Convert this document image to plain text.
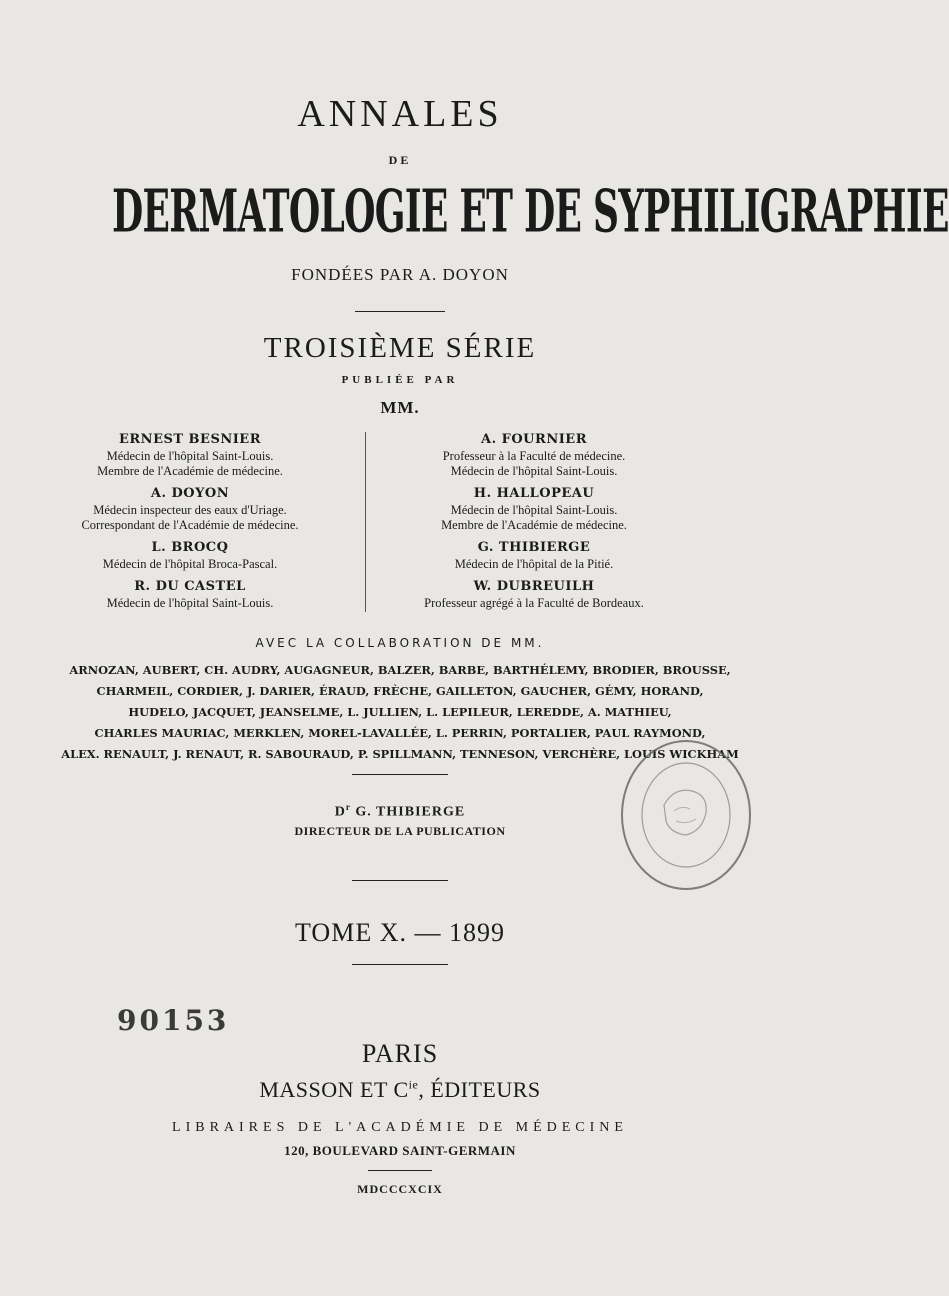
ANNALES
DE
DERMATOLOGIE ET DE SYPHILIGRAPHIE
FONDÉES PAR A. DOYON
TROISIÈME SÉRIE
PUBLIÉE PAR
MM.
ERNEST BESNIER
Médecin de l'hôpital Saint-Louis.
Membre de l'Académie de médecine.
A. DOYON
Médecin inspecteur des eaux d'Uriage.
Correspondant de l'Académie de médecine.
L. BROCQ
Médecin de l'hôpital Broca-Pascal.
R. DU CASTEL
Médecin de l'hôpital Saint-Louis.
A. FOURNIER
Professeur à la Faculté de médecine.
Médecin de l'hôpital Saint-Louis.
H. HALLOPEAU
Médecin de l'hôpital Saint-Louis.
Membre de l'Académie de médecine.
G. THIBIERGE
Médecin de l'hôpital de la Pitié.
W. DUBREUILH
Professeur agrégé à la Faculté de Bordeaux.
AVEC LA COLLABORATION DE MM.
ARNOZAN, AUBERT, CH. AUDRY, AUGAGNEUR, BALZER, BARBE, BARTHÉLEMY, BRODIER, BROUSSE,
CHARMEIL, CORDIER, J. DARIER, ÉRAUD, FRÈCHE, GAILLETON, GAUCHER, GÉMY, HORAND,
HUDELO, JACQUET, JEANSELME, L. JULLIEN, L. LEPILEUR, LEREDDE, A. MATHIEU,
CHARLES MAURIAC, MERKLEN, MOREL-LAVALLÉE, L. PERRIN, PORTALIER, PAUL RAYMOND,
ALEX. RENAULT, J. RENAUT, R. SABOURAUD, P. SPILLMANN, TENNESON, VERCHÈRE, LOUIS WICKHAM
$D^r$ G. THIBIERGE
DIRECTEUR DE LA PUBLICATION
TOME X. — 1899
90153
PARIS
MASSON ET $C^{ie}$, ÉDITEURS
LIBRAIRES DE L'ACADÉMIE DE MÉDECINE
120, BOULEVARD SAINT-GERMAIN
MDCCCXCIX
